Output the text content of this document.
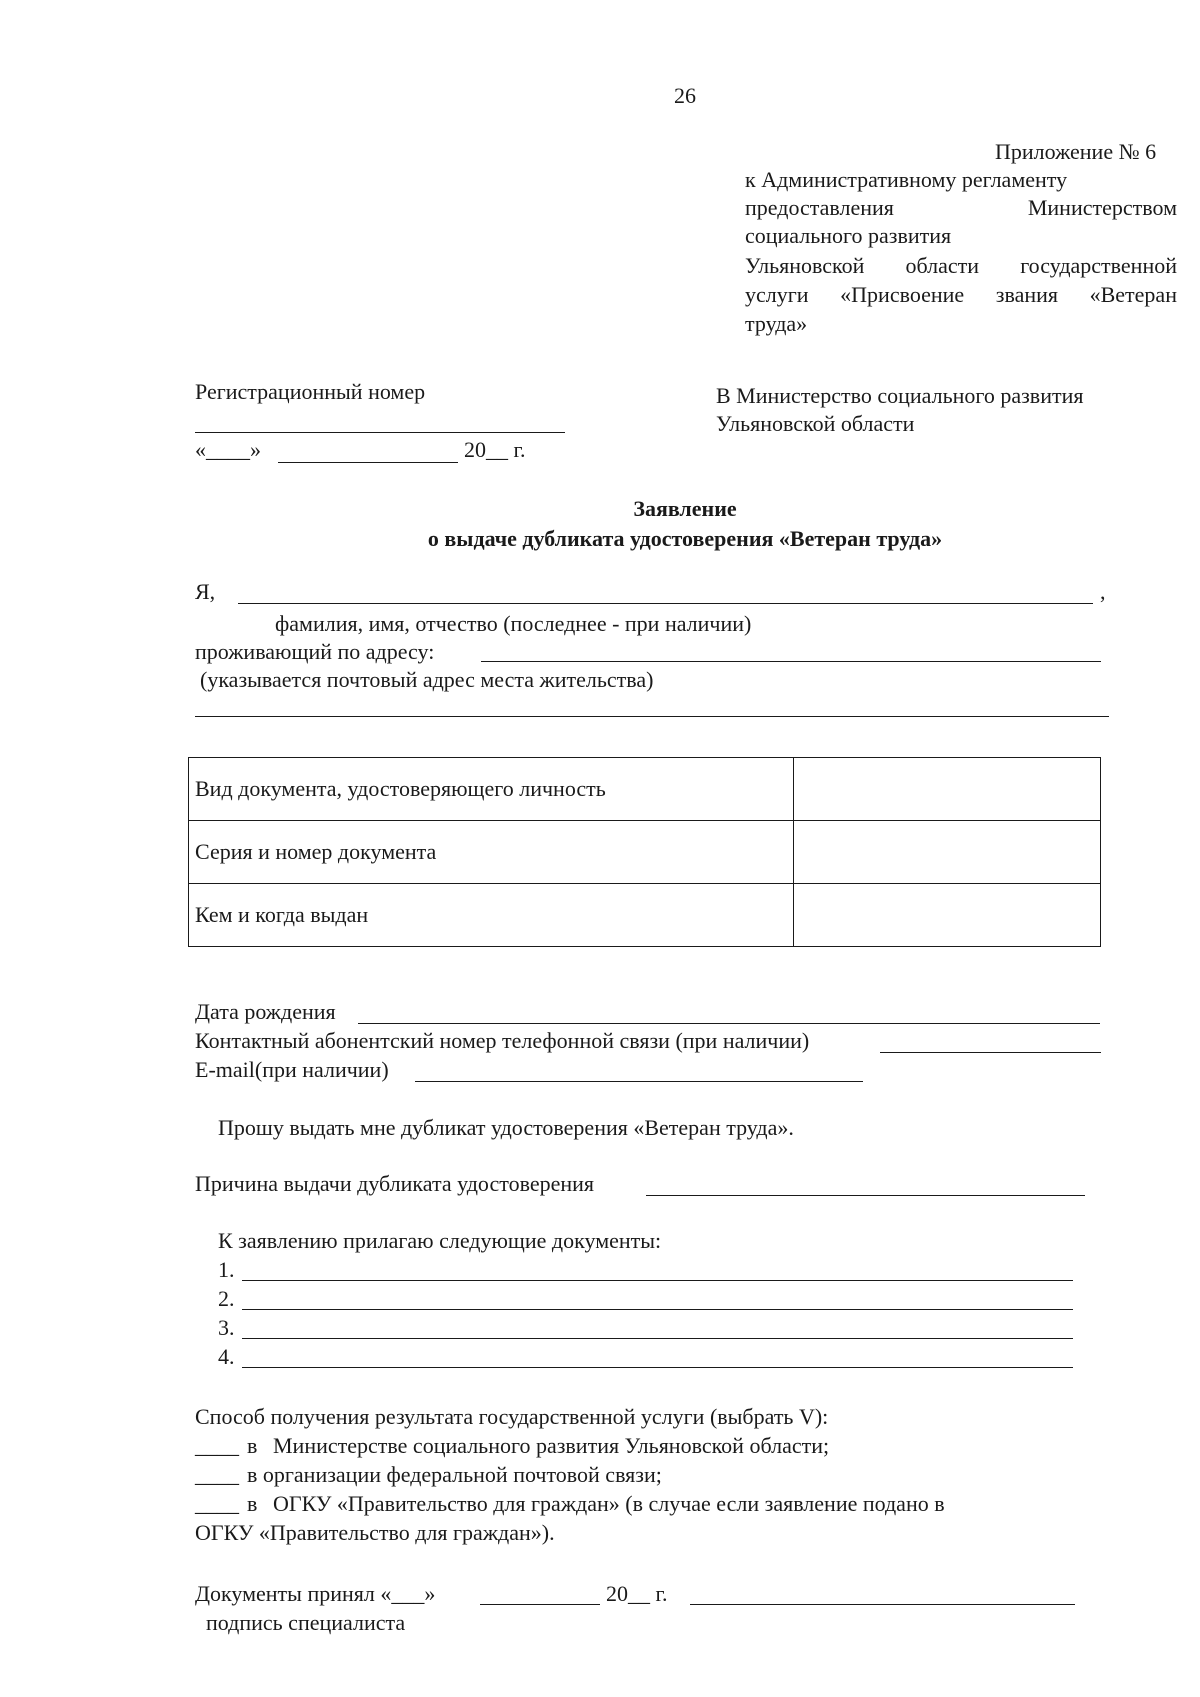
26
Приложение № 6
к Административному регламенту
предоставления	Министерством
социального развития
Ульяновской области государственной
услуги «Присвоение звания «Ветеран
труда»
Регистрационный номер
«____»	20__ г.
В Министерство социального развития
Ульяновской области
Заявление
о выдаче дубликата удостоверения «Ветеран труда»
Я,	,
фамилия, имя, отчество (последнее - при наличии)
проживающий по адресу:
(указывается почтовый адрес места жительства)
Вид документа, удостоверяющего личность	
Серия и номер документа	
Кем и когда выдан	
Дата рождения
Контактный абонентский номер телефонной связи (при наличии)
E-mail(при наличии)
Прошу выдать мне дубликат удостоверения «Ветеран труда».
Причина выдачи дубликата удостоверения
К заявлению прилагаю следующие документы:
1.
2.
3.
4.
Способ получения результата государственной услуги (выбрать V):
____ в Министерстве социального развития Ульяновской области;
____ в организации федеральной почтовой связи;
____ в ОГКУ «Правительство для граждан» (в случае если заявление подано в
ОГКУ «Правительство для граждан»).
Документы принял «___»	20__ г.
подпись специалиста
